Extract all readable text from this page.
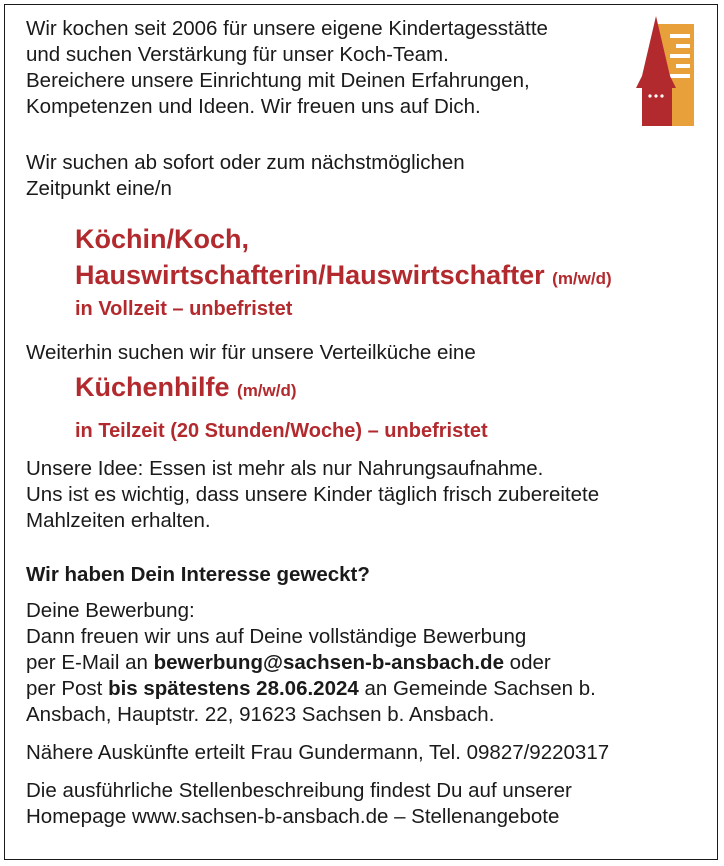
Wir kochen seit 2006 für unsere eigene Kindertagesstätte

und suchen Verstärkung für unser Koch-Team.

Bereichere unsere Einrichtung mit Deinen Erfahrungen,

Kompetenzen und Ideen. Wir freuen uns auf Dich.

Wir suchen ab sofort oder zum nächstmöglichen

Zeitpunkt eine/n

Köchin/Koch,

Hauswirtschafterin/Hauswirtschafter (m/w/d)

in Vollzeit – unbefristet

Weiterhin suchen wir für unsere Verteilküche eine

Küchenhilfe (m/w/d)

in Teilzeit (20 Stunden/Woche) – unbefristet

Unsere Idee: Essen ist mehr als nur Nahrungsaufnahme.

Uns ist es wichtig, dass unsere Kinder täglich frisch zubereitete

Mahlzeiten erhalten.

Wir haben Dein Interesse geweckt?

Deine Bewerbung:

Dann freuen wir uns auf Deine vollständige Bewerbung

per E-Mail an bewerbung@sachsen-b-ansbach.de oder

per Post bis spätestens 28.06.2024 an Gemeinde Sachsen b.

Ansbach, Hauptstr. 22, 91623 Sachsen b. Ansbach.

Nähere Auskünfte erteilt Frau Gundermann, Tel. 09827/9220317

Die ausführliche Stellenbeschreibung findest Du auf unserer

Homepage www.sachsen-b-ansbach.de – Stellenangebote
